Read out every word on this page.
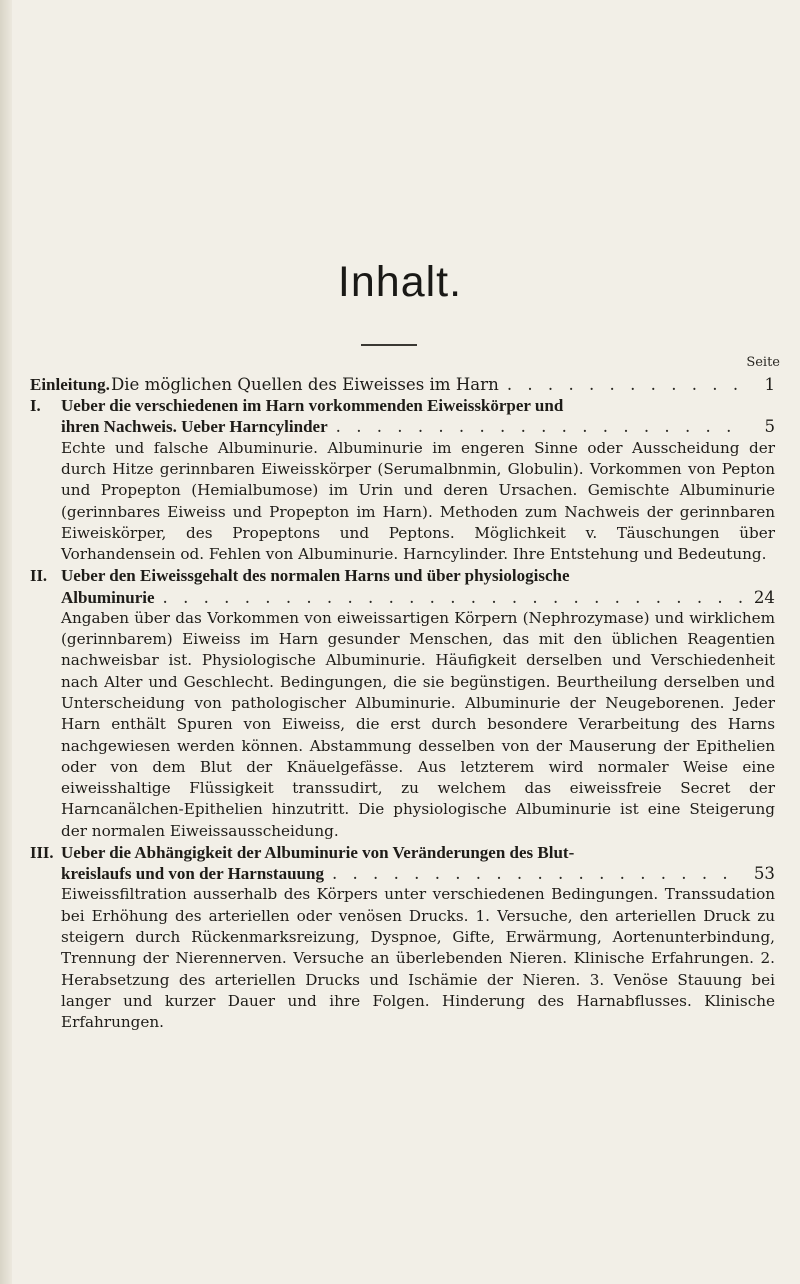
Inhalt.
Seite
Einleitung. Die möglichen Quellen des Eiweisses im Harn . . .	1
I.	Ueber die verschiedenen im Harn vorkommenden Eiweisskörper und
ihren Nachweis. Ueber Harncylinder . . .	5
Echte und falsche Albuminurie. Albuminurie im engeren Sinne oder Ausscheidung der durch Hitze gerinnbaren Eiweisskörper (Serumalbnmin, Globulin). Vorkommen von Pepton und Propepton (Hemialbumose) im Urin und deren Ursachen. Gemischte Albuminurie (gerinnbares Eiweiss und Propepton im Harn). Methoden zum Nachweis der gerinnbaren Eiweiskörper, des Propeptons und Peptons. Möglichkeit v. Täuschungen über Vorhandensein od. Fehlen von Albuminurie. Harncylinder. Ihre Entstehung und Bedeutung.
II. Ueber den Eiweissgehalt des normalen Harns und über physiologische
Albuminurie . . .	24
Angaben über das Vorkommen von eiweissartigen Körpern (Nephrozymase) und wirklichem (gerinnbarem) Eiweiss im Harn gesunder Menschen, das mit den üblichen Reagentien nachweisbar ist. Physiologische Albuminurie. Häufigkeit derselben und Verschiedenheit nach Alter und Geschlecht. Bedingungen, die sie begünstigen. Beurtheilung derselben und Unterscheidung von pathologischer Albuminurie. Albuminurie der Neugeborenen. Jeder Harn enthält Spuren von Eiweiss, die erst durch besondere Verarbeitung des Harns nachgewiesen werden können. Abstammung desselben von der Mauserung der Epithelien oder von dem Blut der Knäuelgefässe. Aus letzterem wird normaler Weise eine eiweisshaltige Flüssigkeit transsudirt, zu welchem das eiweissfreie Secret der Harncanälchen-Epithelien hinzutritt. Die physiologische Albuminurie ist eine Steigerung der normalen Eiweissausscheidung.
III. Ueber die Abhängigkeit der Albuminurie von Veränderungen des Blut-
kreislaufs und von der Harnstauung . . .	53
Eiweissfiltration ausserhalb des Körpers unter verschiedenen Bedingungen. Transsudation bei Erhöhung des arteriellen oder venösen Drucks. 1. Versuche, den arteriellen Druck zu steigern durch Rückenmarksreizung, Dyspnoe, Gifte, Erwärmung, Aortenunterbindung, Trennung der Nierennerven. Versuche an überlebenden Nieren. Klinische Erfahrungen. 2. Herabsetzung des arteriellen Drucks und Ischämie der Nieren. 3. Venöse Stauung bei langer und kurzer Dauer und ihre Folgen. Hinderung des Harnabflusses. Klinische Erfahrungen.
